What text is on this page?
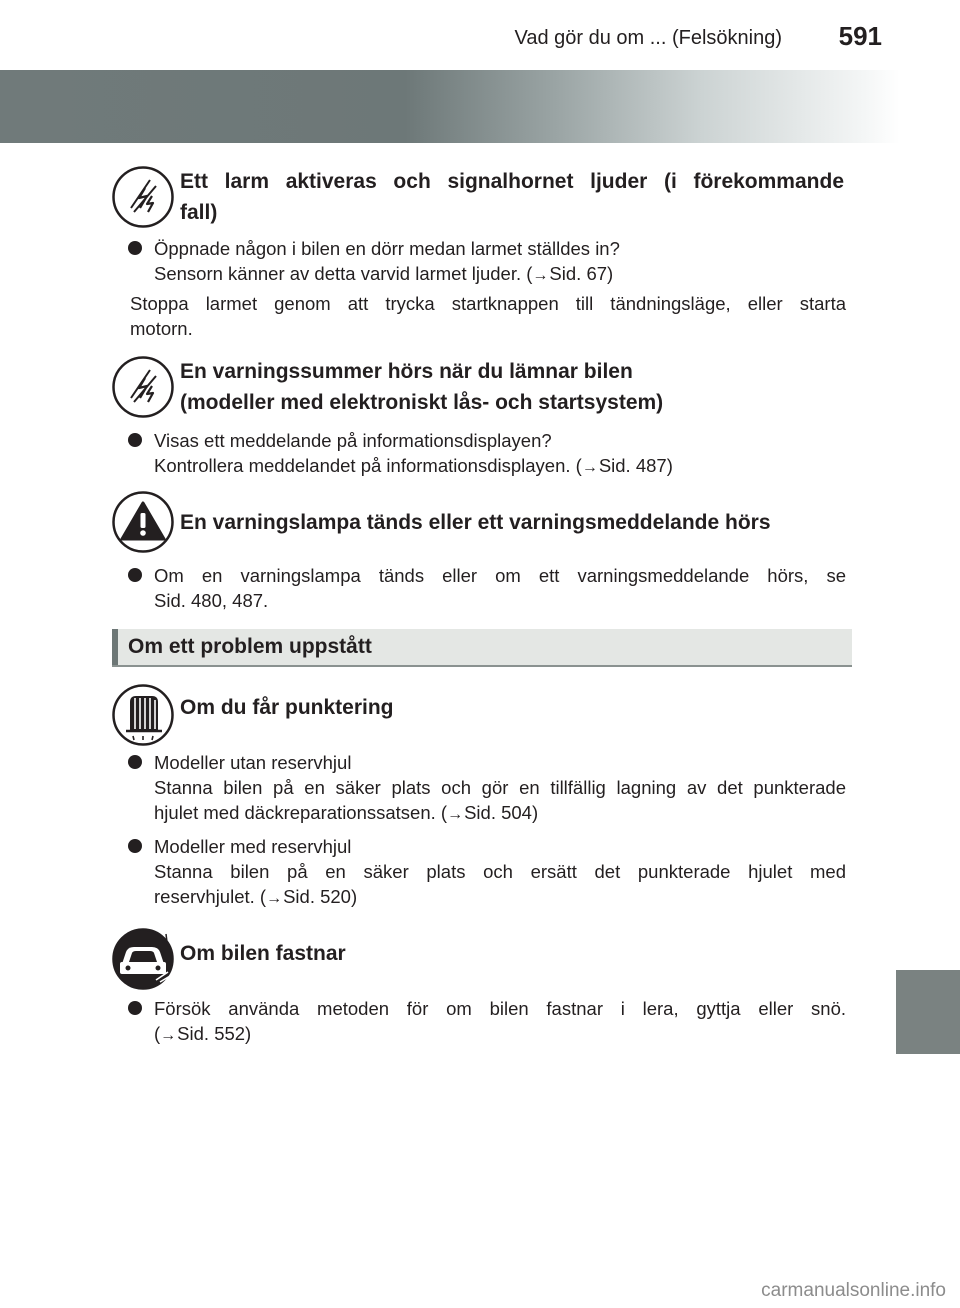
Vad gör du om ... (Felsökning) 591
Ett larm aktiveras och signalhornet ljuder (i förekommande
fall)
Öppnade någon i bilen en dörr medan larmet ställdes in?
Sensorn känner av detta varvid larmet ljuder. (→Sid. 67)
Stoppa larmet genom att trycka startknappen till tändningsläge, eller starta
motorn.
En varningssummer hörs när du lämnar bilen
(modeller med elektroniskt lås- och startsystem)
Visas ett meddelande på informationsdisplayen?
Kontrollera meddelandet på informationsdisplayen. (→Sid. 487)
En varningslampa tänds eller ett varningsmeddelande hörs
Om en varningslampa tänds eller om ett varningsmeddelande hörs, se
Sid. 480, 487.
Om ett problem uppstått
Om du får punktering
Modeller utan reservhjul
Stanna bilen på en säker plats och gör en tillfällig lagning av det punkterade
hjulet med däckreparationssatsen. (→Sid. 504)
Modeller med reservhjul
Stanna bilen på en säker plats och ersätt det punkterade hjulet med
reservhjulet. (→Sid. 520)
Om bilen fastnar
Försök använda metoden för om bilen fastnar i lera, gyttja eller snö.
(→Sid. 552)
carmanualsonline.info
